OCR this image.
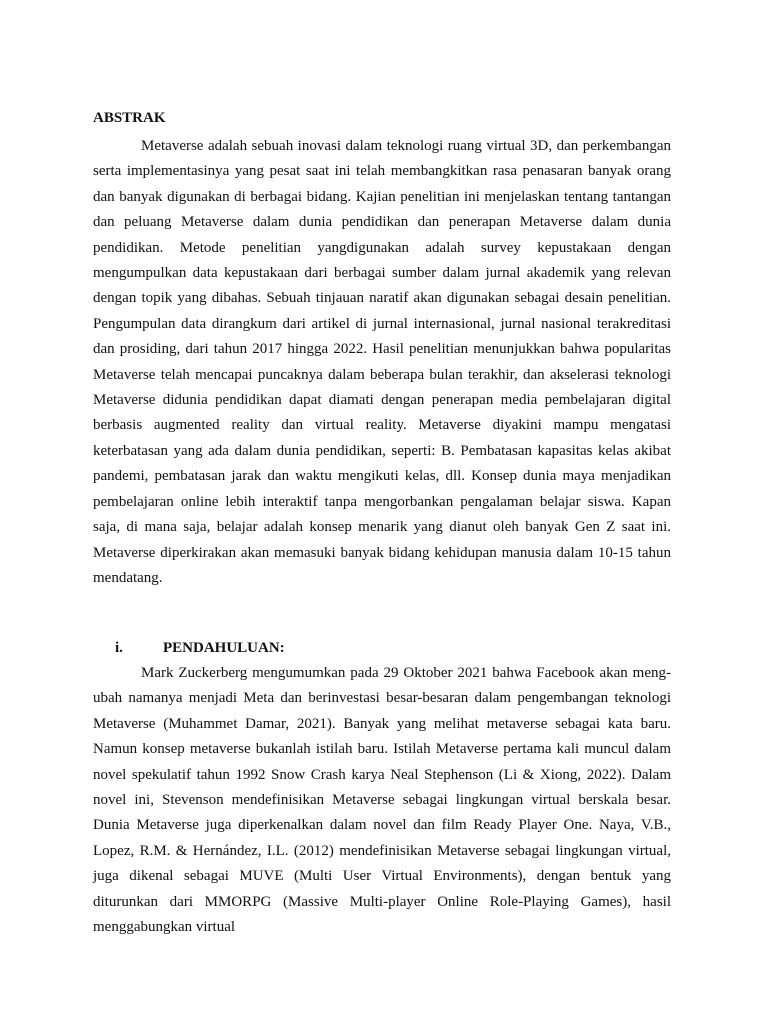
ABSTRAK

Metaverse adalah sebuah inovasi dalam teknologi ruang virtual 3D, dan perkembangan serta implementasinya yang pesat saat ini telah membangkitkan rasa penasaran banyak orang dan banyak digunakan di berbagai bidang. Kajian penelitian ini menjelaskan tentang tantangan dan peluang Metaverse dalam dunia pendidikan dan penerapan Metaverse dalam dunia pendidikan. Metode penelitian yangdigunakan adalah survey kepustakaan dengan mengumpulkan data kepustakaan dari berbagai sumber dalam jurnal akademik yang relevan dengan topik yang dibahas. Sebuah tinjauan naratif akan digunakan sebagai desain penelitian. Pengumpulan data dirangkum dari artikel di jurnal internasional, jurnal nasional terakreditasi dan prosiding, dari tahun 2017 hingga 2022. Hasil penelitian menunjukkan bahwa popularitas Metaverse telah mencapai puncaknya dalam beberapa bulan terakhir, dan akselerasi teknologi Metaverse didunia pendidikan dapat diamati dengan penerapan media pembelajaran digital berbasis augmented reality dan virtual reality. Metaverse diyakini mampu mengatasi keterbatasan yang ada dalam dunia pendidikan, seperti: B. Pembatasan kapasitas kelas akibat pandemi, pembatasan jarak dan waktu mengikuti kelas, dll. Konsep dunia maya menjadikan pembelajaran online lebih interaktif tanpa mengorbankan pengalaman belajar siswa. Kapan saja, di mana saja, belajar adalah konsep menarik yang dianut oleh banyak Gen Z saat ini. Metaverse diperkirakan akan memasuki banyak bidang kehidupan manusia dalam 10-15 tahun mendatang.

i.	PENDAHULUAN:

Mark Zuckerberg mengumumkan pada 29 Oktober 2021 bahwa Facebook akan meng-ubah namanya menjadi Meta dan berinvestasi besar-besaran dalam pengembangan teknologi Metaverse (Muhammet Damar, 2021). Banyak yang melihat metaverse sebagai kata baru. Namun konsep metaverse bukanlah istilah baru. Istilah Metaverse pertama kali muncul dalam novel spekulatif tahun 1992 Snow Crash karya Neal Stephenson (Li & Xiong, 2022). Dalam novel ini, Stevenson mendefinisikan Metaverse sebagai lingkungan virtual berskala besar. Dunia Metaverse juga diperkenalkan dalam novel dan film Ready Player One. Naya, V.B., Lopez, R.M. & Hernández, I.L. (2012) mendefinisikan Metaverse sebagai lingkungan virtual, juga dikenal sebagai MUVE (Multi User Virtual Environments), dengan bentuk yang diturunkan dari MMORPG (Massive Multi-player Online Role-Playing Games), hasil menggabungkan virtual
